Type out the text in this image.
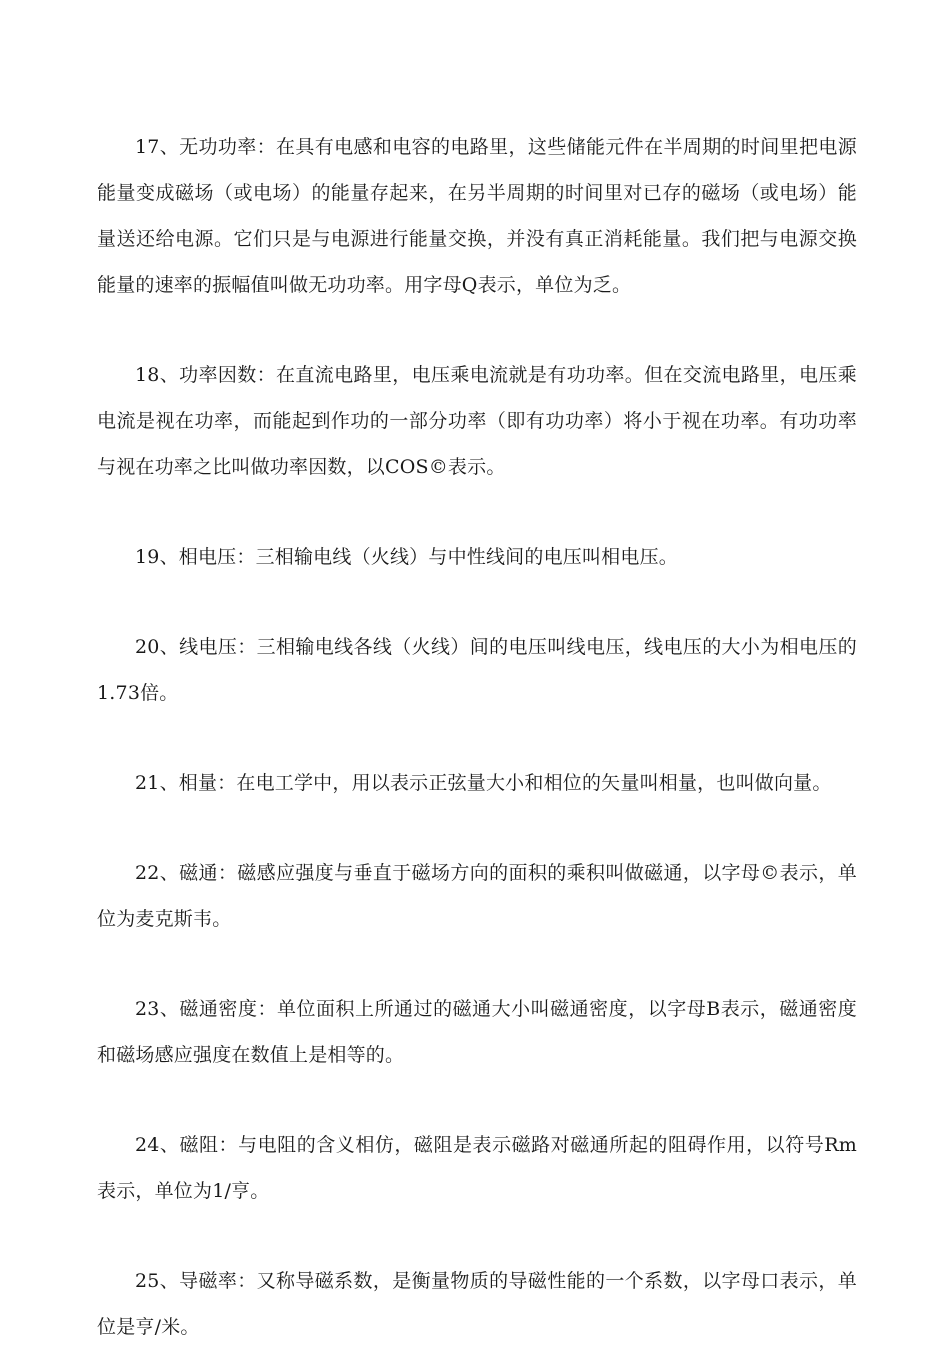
17、无功功率：在具有电感和电容的电路里，这些储能元件在半周期的时间里把电源能量变成磁场（或电场）的能量存起来，在另半周期的时间里对已存的磁场（或电场）能量送还给电源。它们只是与电源进行能量交换，并没有真正消耗能量。我们把与电源交换能量的速率的振幅值叫做无功功率。用字母Q表示，单位为乏。

18、功率因数：在直流电路里，电压乘电流就是有功功率。但在交流电路里，电压乘电流是视在功率，而能起到作功的一部分功率（即有功功率）将小于视在功率。有功功率与视在功率之比叫做功率因数，以COS©表示。

19、相电压：三相输电线（火线）与中性线间的电压叫相电压。

20、线电压：三相输电线各线（火线）间的电压叫线电压，线电压的大小为相电压的1.73倍。

21、相量：在电工学中，用以表示正弦量大小和相位的矢量叫相量，也叫做向量。

22、磁通：磁感应强度与垂直于磁场方向的面积的乘积叫做磁通，以字母©表示，单位为麦克斯韦。

23、磁通密度：单位面积上所通过的磁通大小叫磁通密度，以字母B表示，磁通密度和磁场感应强度在数值上是相等的。

24、磁阻：与电阻的含义相仿，磁阻是表示磁路对磁通所起的阻碍作用，以符号Rm表示，单位为1/亨。

25、导磁率：又称导磁系数，是衡量物质的导磁性能的一个系数，以字母口表示，单位是亨/米。
